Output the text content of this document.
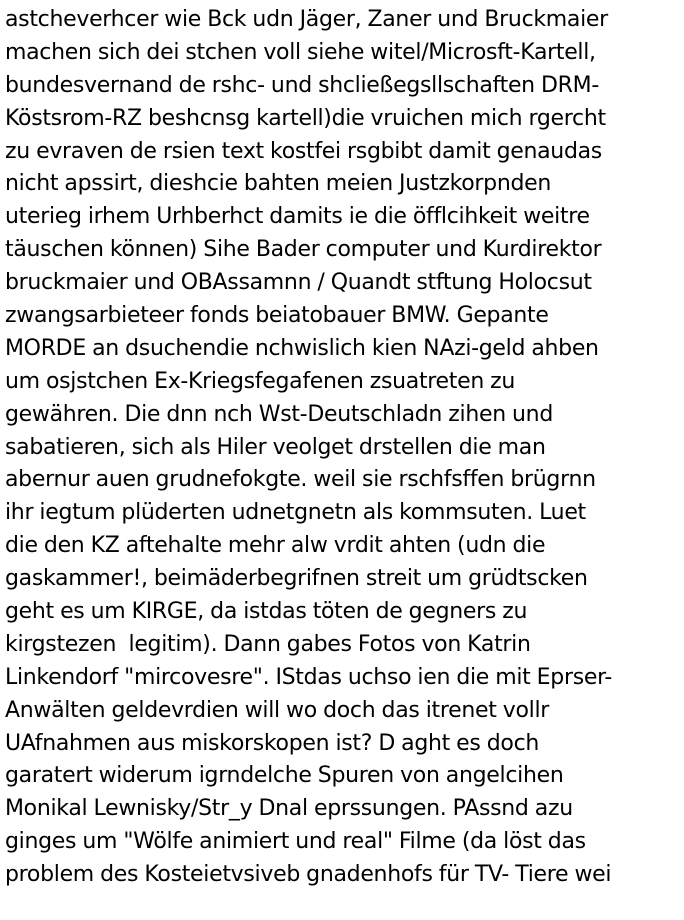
astcheverhcer wie Bck udn Jäger, Zaner und Bruckmaier
machen sich dei stchen voll siehe witel/Microsft-Kartell,
bundesvernand de rshc- und shcließegsllschaften DRM-
Köstsrom-RZ beshcnsg kartell)die vruichen mich rgercht
zu evraven de rsien text kostfei rsgbibt damit genaudas
nicht apssirt, dieshcie bahten meien Justzkorpnden
uterieg irhem Urhberhct damits ie die öfflcihkeit weitre
täuschen können) Sihe Bader computer und Kurdirektor
bruckmaier und OBAssamnn / Quandt stftung Holocsut
zwangsarbieteer fonds beiatobauer BMW. Gepante
MORDE an dsuchendie nchwislich kien NAzi-geld ahben
um osjstchen Ex-Kriegsfegafenen zsuatreten zu
gewähren. Die dnn nch Wst-Deutschladn zihen und
sabatieren, sich als Hiler veolget drstellen die man
abernur auen grudnefokgte. weil sie rschfsffen brügrnn
ihr iegtum plüderten udnetgnetn als kommsuten. Luet
die den KZ aftehalte mehr alw vrdit ahten (udn die
gaskammer!, beimäderbegrifnen streit um grüdtscken
geht es um KIRGE, da istdas töten de gegners zu
kirgstezen  legitim). Dann gabes Fotos von Katrin
Linkendorf "mircovesre". IStdas uchso ien die mit Eprser-
Anwälten geldevrdien will wo doch das itrenet vollr
UAfnahmen aus miskorskopen ist? D aght es doch
garatert widerum igrndelche Spuren von angelcihen
Monikal Lewnisky/Str_y Dnal eprssungen. PAssnd azu
ginges um "Wölfe animiert und real" Filme (da löst das
problem des Kosteietvsiveb gnadenhofs für TV- Tiere wei
